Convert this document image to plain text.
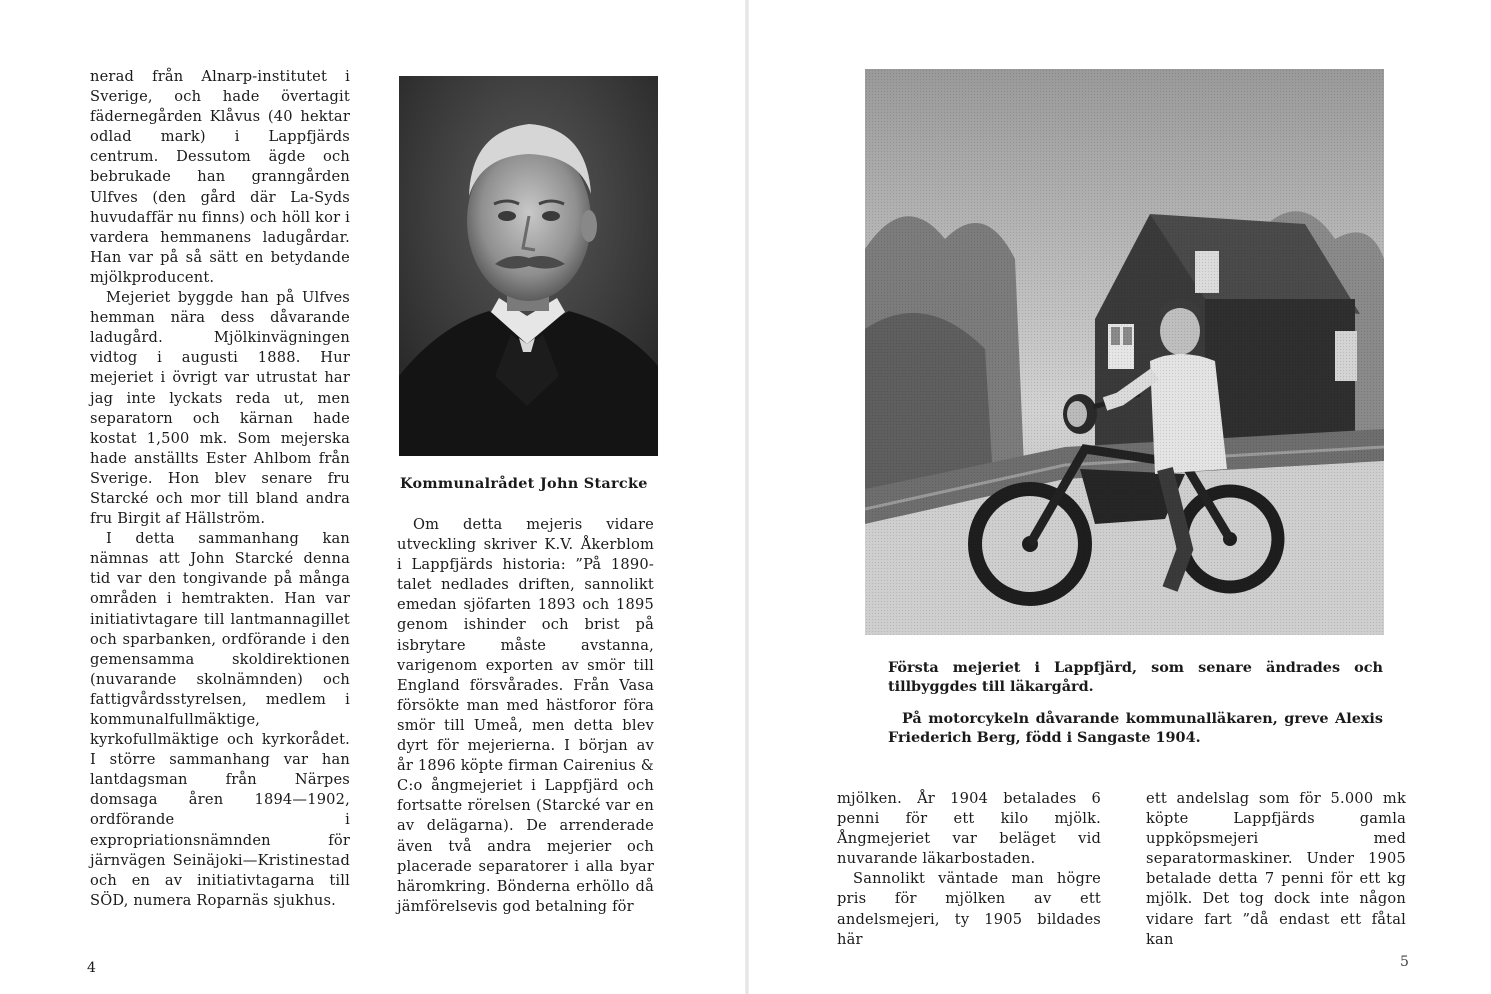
nerad från Alnarp-institutet i Sverige, och hade övertagit fädernegården Klåvus (40 hektar odlad mark) i Lappfjärds centrum. Dessutom ägde och bebrukade han granngården Ulfves (den gård där La-Syds huvudaffär nu finns) och höll kor i vardera hemmanens ladugårdar. Han var på så sätt en betydande mjölkproducent.

Mejeriet byggde han på Ulfves hemman nära dess dåvarande ladugård. Mjölkinvägningen vidtog i augusti 1888. Hur mejeriet i övrigt var utrustat har jag inte lyckats reda ut, men separatorn och kärnan hade kostat 1,500 mk. Som mejerska hade anställts Ester Ahlbom från Sverige. Hon blev senare fru Starcké och mor till bland andra fru Birgit af Hällström.

I detta sammanhang kan nämnas att John Starcké denna tid var den tongivande på många områden i hemtrakten. Han var initiativtagare till lantmannagillet och sparbanken, ordförande i den gemensamma skoldirektionen (nuvarande skolnämnden) och fattigvårdsstyrelsen, medlem i kommunalfullmäktige, kyrkofullmäktige och kyrkorådet. I större sammanhang var han lantdagsman från Närpes domsaga åren 1894—1902, ordförande i expropriationsnämnden för järnvägen Seinäjoki—Kristinestad och en av initiativtagarna till SÖD, numera Roparnäs sjukhus.

Kommunalrådet John Starcke

Om detta mejeris vidare utveckling skriver K.V. Åkerblom i Lappfjärds historia: ”På 1890-talet nedlades driften, sannolikt emedan sjöfarten 1893 och 1895 genom ishinder och brist på isbrytare måste avstanna, varigenom exporten av smör till England försvårades. Från Vasa försökte man med hästforor föra smör till Umeå, men detta blev dyrt för mejerierna. I början av år 1896 köpte firman Cairenius & C:o ångmejeriet i Lappfjärd och fortsatte rörelsen (Starcké var en av delägarna). De arrenderade även två andra mejerier och placerade separatorer i alla byar häromkring. Bönderna erhöllo då jämförelsevis god betalning för

4
Första mejeriet i Lappfjärd, som senare ändrades och tillbyggdes till läkargård.
På motorcykeln dåvarande kommunalläkaren, greve Alexis Friederich Berg, född i Sangaste 1904.

mjölken. År 1904 betalades 6 penni för ett kilo mjölk. Ångmejeriet var beläget vid nuvarande läkarbostaden.

Sannolikt väntade man högre pris för mjölken av ett andelsmejeri, ty 1905 bildades här

ett andelslag som för 5.000 mk köpte Lappfjärds gamla uppköpsmejeri med separatormaskiner. Under 1905 betalade detta 7 penni för ett kg mjölk. Det tog dock inte någon vidare fart ”då endast ett fåtal kan

5
